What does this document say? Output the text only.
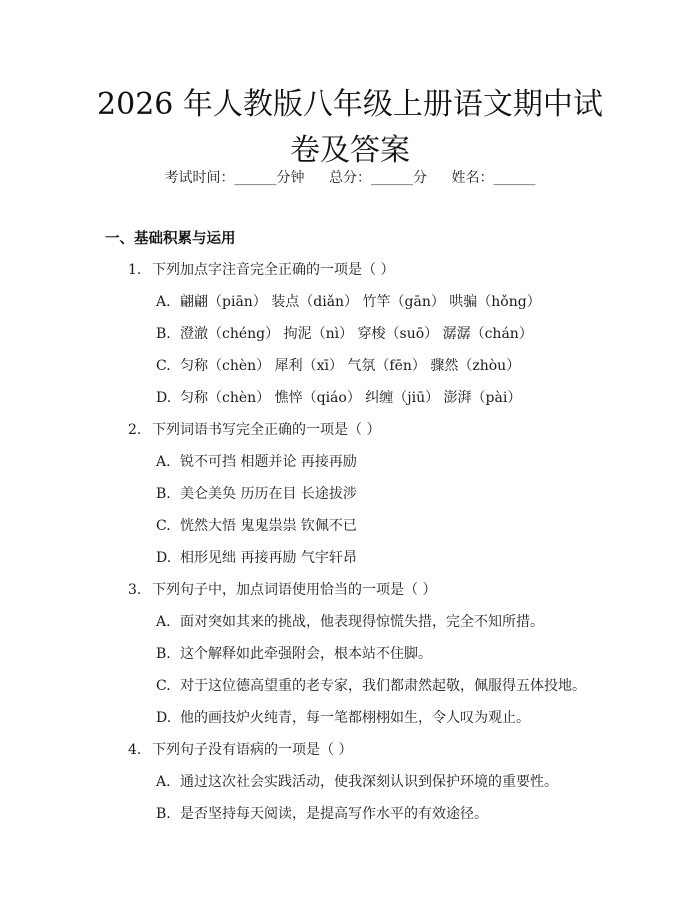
2026 年人教版八年级上册语文期中试卷及答案
考试时间：______分钟 总分：______分 姓名：______
一、基础积累与运用
1. 下列加点字注音完全正确的一项是（ ）
A. 翩翩（piān） 装点（diǎn） 竹竿（gān） 哄骗（hǒng）
B. 澄澈（chéng） 拘泥（nì） 穿梭（suō） 潺潺（chán）
C. 匀称（chèn） 犀利（xī） 气氛（fēn） 骤然（zhòu）
D. 匀称（chèn） 憔悴（qiáo） 纠缠（jiū） 澎湃（pài）
2. 下列词语书写完全正确的一项是（ ）
A. 锐不可挡 相题并论 再接再励
B. 美仑美奂 历历在目 长途拔涉
C. 恍然大悟 鬼鬼祟祟 钦佩不已
D. 相形见绌 再接再励 气宇轩昂
3. 下列句子中，加点词语使用恰当的一项是（ ）
A. 面对突如其来的挑战，他表现得惊慌失措，完全不知所措。
B. 这个解释如此牵强附会，根本站不住脚。
C. 对于这位德高望重的老专家，我们都肃然起敬，佩服得五体投地。
D. 他的画技炉火纯青，每一笔都栩栩如生，令人叹为观止。
4. 下列句子没有语病的一项是（ ）
A. 通过这次社会实践活动，使我深刻认识到保护环境的重要性。
B. 是否坚持每天阅读，是提高写作水平的有效途径。
